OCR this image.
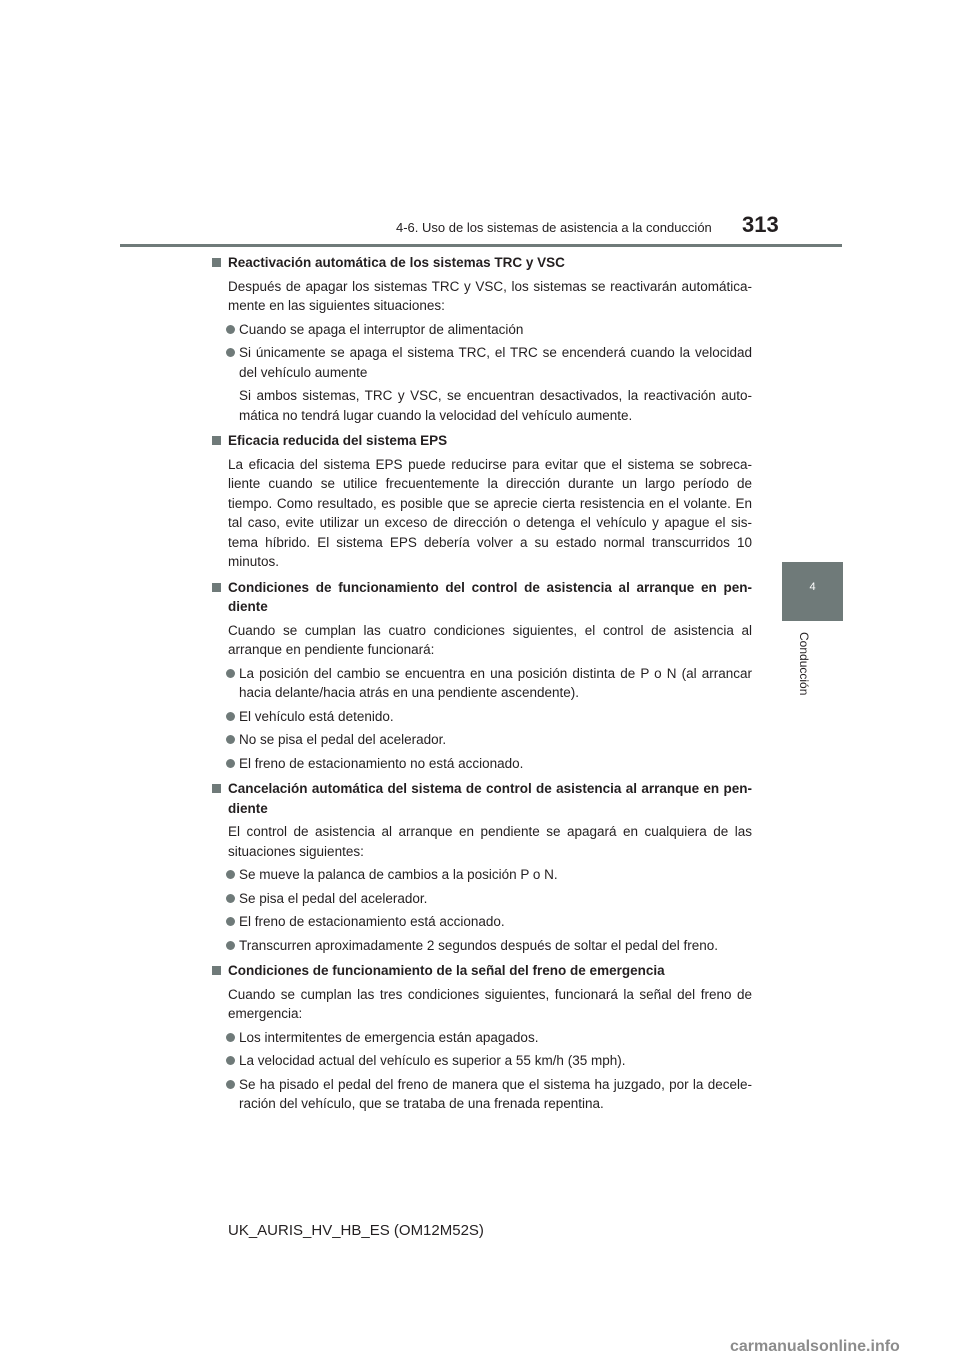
4-6. Uso de los sistemas de asistencia a la conducción 313
4
Conducción
Reactivación automática de los sistemas TRC y VSC
Después de apagar los sistemas TRC y VSC, los sistemas se reactivarán automática-mente en las siguientes situaciones:
Cuando se apaga el interruptor de alimentación
Si únicamente se apaga el sistema TRC, el TRC se encenderá cuando la velocidad del vehículo aumente
Si ambos sistemas, TRC y VSC, se encuentran desactivados, la reactivación auto-mática no tendrá lugar cuando la velocidad del vehículo aumente.
Eficacia reducida del sistema EPS
La eficacia del sistema EPS puede reducirse para evitar que el sistema se sobreca-liente cuando se utilice frecuentemente la dirección durante un largo período de tiempo. Como resultado, es posible que se aprecie cierta resistencia en el volante. En tal caso, evite utilizar un exceso de dirección o detenga el vehículo y apague el sis-tema híbrido. El sistema EPS debería volver a su estado normal transcurridos 10 minutos.
Condiciones de funcionamiento del control de asistencia al arranque en pen-diente
Cuando se cumplan las cuatro condiciones siguientes, el control de asistencia al arranque en pendiente funcionará:
La posición del cambio se encuentra en una posición distinta de P o N (al arrancar hacia delante/hacia atrás en una pendiente ascendente).
El vehículo está detenido.
No se pisa el pedal del acelerador.
El freno de estacionamiento no está accionado.
Cancelación automática del sistema de control de asistencia al arranque en pen-diente
El control de asistencia al arranque en pendiente se apagará en cualquiera de las situaciones siguientes:
Se mueve la palanca de cambios a la posición P o N.
Se pisa el pedal del acelerador.
El freno de estacionamiento está accionado.
Transcurren aproximadamente 2 segundos después de soltar el pedal del freno.
Condiciones de funcionamiento de la señal del freno de emergencia
Cuando se cumplan las tres condiciones siguientes, funcionará la señal del freno de emergencia:
Los intermitentes de emergencia están apagados.
La velocidad actual del vehículo es superior a 55 km/h (35 mph).
Se ha pisado el pedal del freno de manera que el sistema ha juzgado, por la decele-ración del vehículo, que se trataba de una frenada repentina.
UK_AURIS_HV_HB_ES (OM12M52S)
carmanualsonline.info
